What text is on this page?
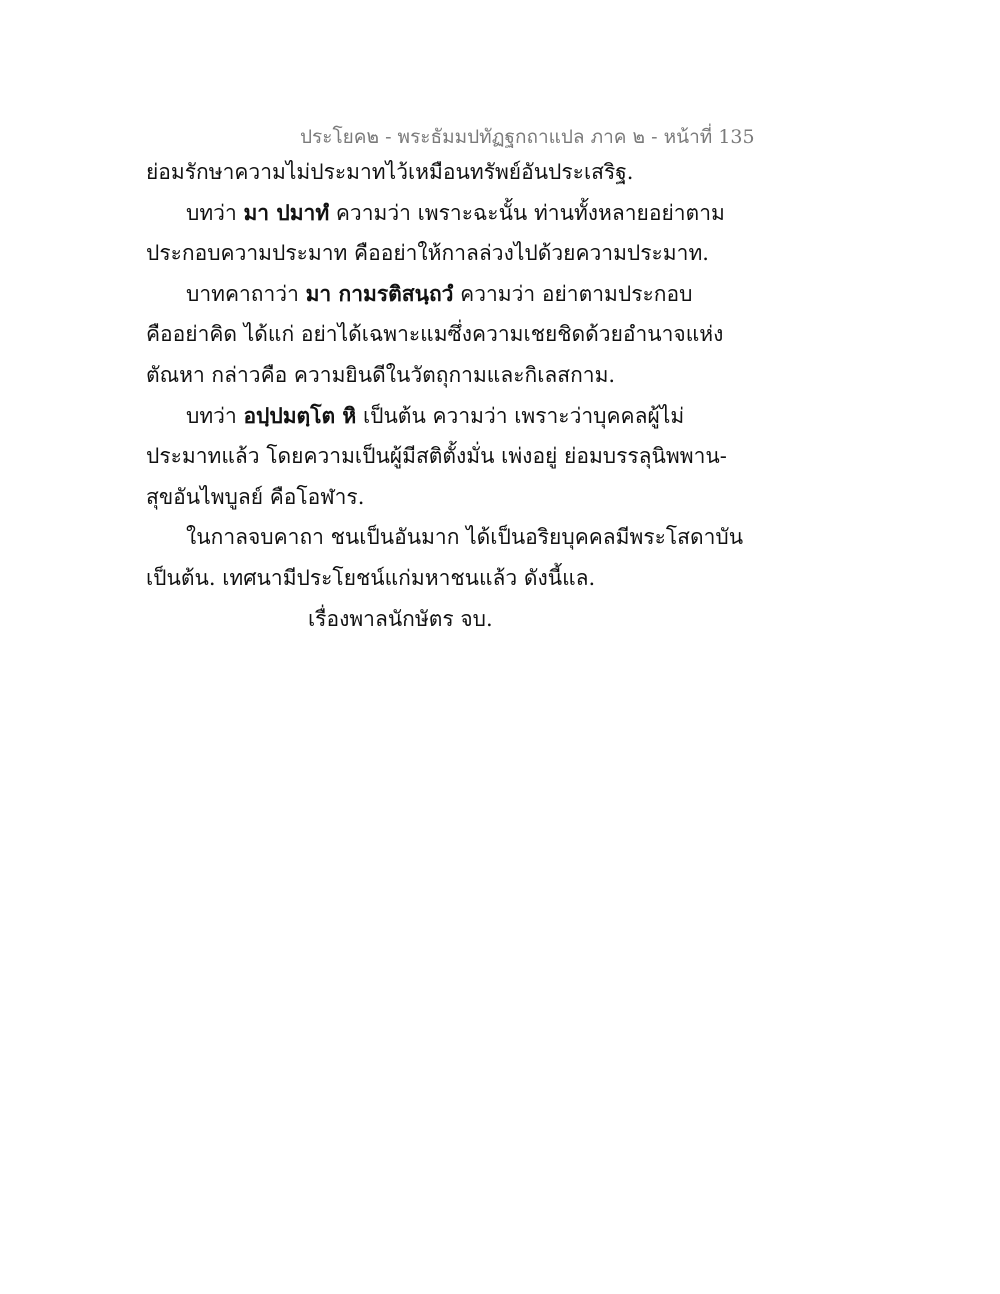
ประโยค๒ - พระธัมมปทัฏฐกถาแปล ภาค ๒ - หน้าที่ 135
ย่อมรักษาความไม่ประมาทไว้เหมือนทรัพย์อันประเสริฐ.
บทว่า มา ปมาทํ ความว่า เพราะฉะนั้น ท่านทั้งหลายอย่าตาม
ประกอบความประมาท คืออย่าให้กาลล่วงไปด้วยความประมาท.
บาทคาถาว่า มา กามรติสนฺถวํ ความว่า อย่าตามประกอบ
คืออย่าคิด ได้แก่ อย่าได้เฉพาะแมซึ่งความเชยชิดด้วยอำนาจแห่ง
ตัณหา กล่าวคือ ความยินดีในวัตถุกามและกิเลสกาม.
บทว่า อปฺปมตฺโต หิ เป็นต้น ความว่า เพราะว่าบุคคลผู้ไม่
ประมาทแล้ว โดยความเป็นผู้มีสติตั้งมั่น เพ่งอยู่ ย่อมบรรลุนิพพาน-
สุขอันไพบูลย์ คือโอฬาร.
ในกาลจบคาถา ชนเป็นอันมาก ได้เป็นอริยบุคคลมีพระโสดาบัน
เป็นต้น. เทศนามีประโยชน์แก่มหาชนแล้ว ดังนี้แล.
เรื่องพาลนักษัตร จบ.
